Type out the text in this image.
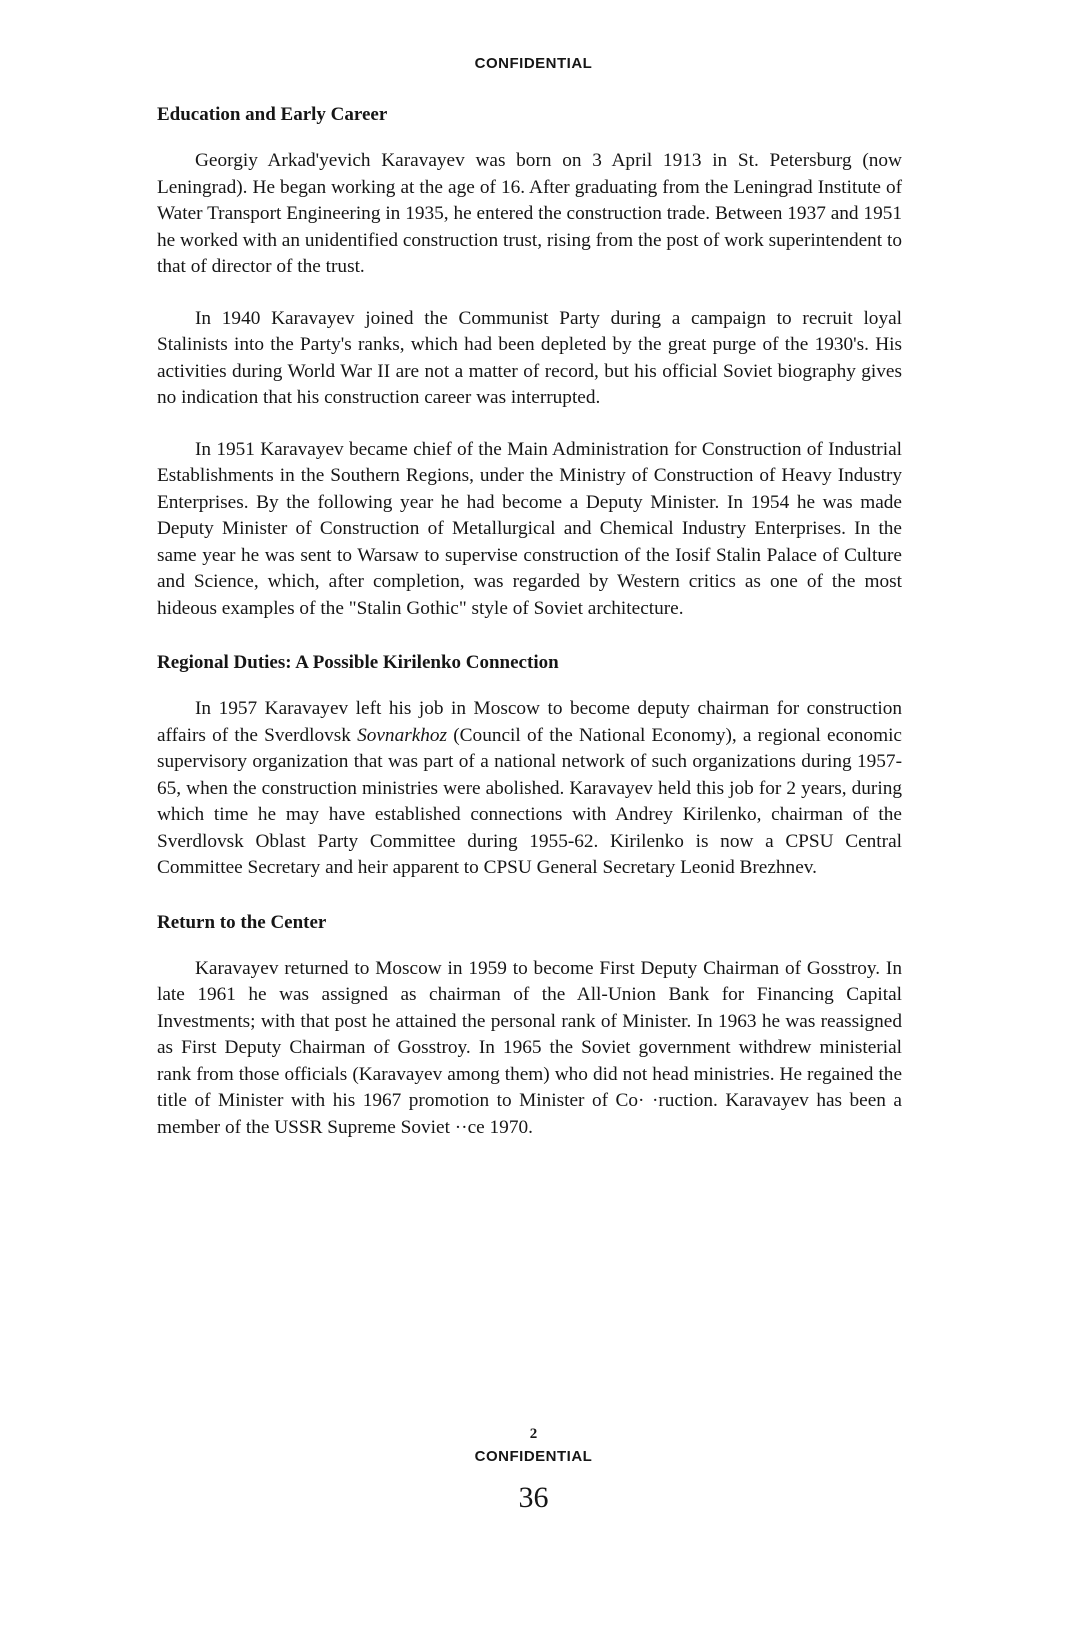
CONFIDENTIAL
Education and Early Career

Georgiy Arkad'yevich Karavayev was born on 3 April 1913 in St. Petersburg (now Leningrad). He began working at the age of 16. After graduating from the Leningrad Institute of Water Transport Engineering in 1935, he entered the construction trade. Between 1937 and 1951 he worked with an unidentified construction trust, rising from the post of work superintendent to that of director of the trust.

In 1940 Karavayev joined the Communist Party during a campaign to recruit loyal Stalinists into the Party's ranks, which had been depleted by the great purge of the 1930's. His activities during World War II are not a matter of record, but his official Soviet biography gives no indication that his construction career was interrupted.

In 1951 Karavayev became chief of the Main Administration for Construction of Industrial Establishments in the Southern Regions, under the Ministry of Construction of Heavy Industry Enterprises. By the following year he had become a Deputy Minister. In 1954 he was made Deputy Minister of Construction of Metallurgical and Chemical Industry Enterprises. In the same year he was sent to Warsaw to supervise construction of the Iosif Stalin Palace of Culture and Science, which, after completion, was regarded by Western critics as one of the most hideous examples of the "Stalin Gothic" style of Soviet architecture.

Regional Duties: A Possible Kirilenko Connection

In 1957 Karavayev left his job in Moscow to become deputy chairman for construction affairs of the Sverdlovsk Sovnarkhoz (Council of the National Economy), a regional economic supervisory organization that was part of a national network of such organizations during 1957-65, when the construction ministries were abolished. Karavayev held this job for 2 years, during which time he may have established connections with Andrey Kirilenko, chairman of the Sverdlovsk Oblast Party Committee during 1955-62. Kirilenko is now a CPSU Central Committee Secretary and heir apparent to CPSU General Secretary Leonid Brezhnev.

Return to the Center

Karavayev returned to Moscow in 1959 to become First Deputy Chairman of Gosstroy. In late 1961 he was assigned as chairman of the All-Union Bank for Financing Capital Investments; with that post he attained the personal rank of Minister. In 1963 he was reassigned as First Deputy Chairman of Gosstroy. In 1965 the Soviet government withdrew ministerial rank from those officials (Karavayev among them) who did not head ministries. He regained the title of Minister with his 1967 promotion to Minister of Co· ·ruction. Karavayev has been a member of the USSR Supreme Soviet ··ce 1970.

2
CONFIDENTIAL
36
